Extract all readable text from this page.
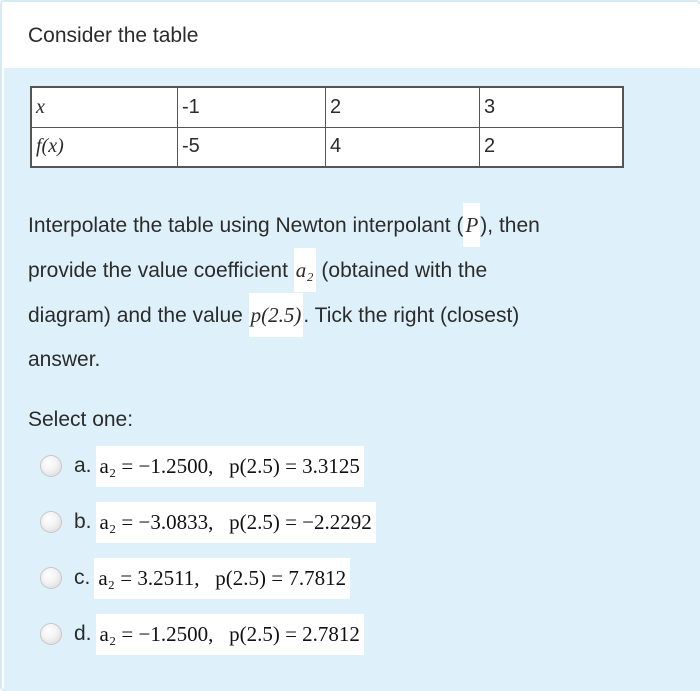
Consider the table
x	-1	2	3
f(x)	-5	4	2
Interpolate the table using Newton interpolant (P), then
provide the value coefficient a₂ (obtained with the
diagram) and the value p(2.5). Tick the right (closest)
answer.
Select one:
a. a₂ = −1.2500,   p(2.5) = 3.3125
b. a₂ = −3.0833,   p(2.5) = −2.2292
c. a₂ = 3.2511,   p(2.5) = 7.7812
d. a₂ = −1.2500,   p(2.5) = 2.7812
